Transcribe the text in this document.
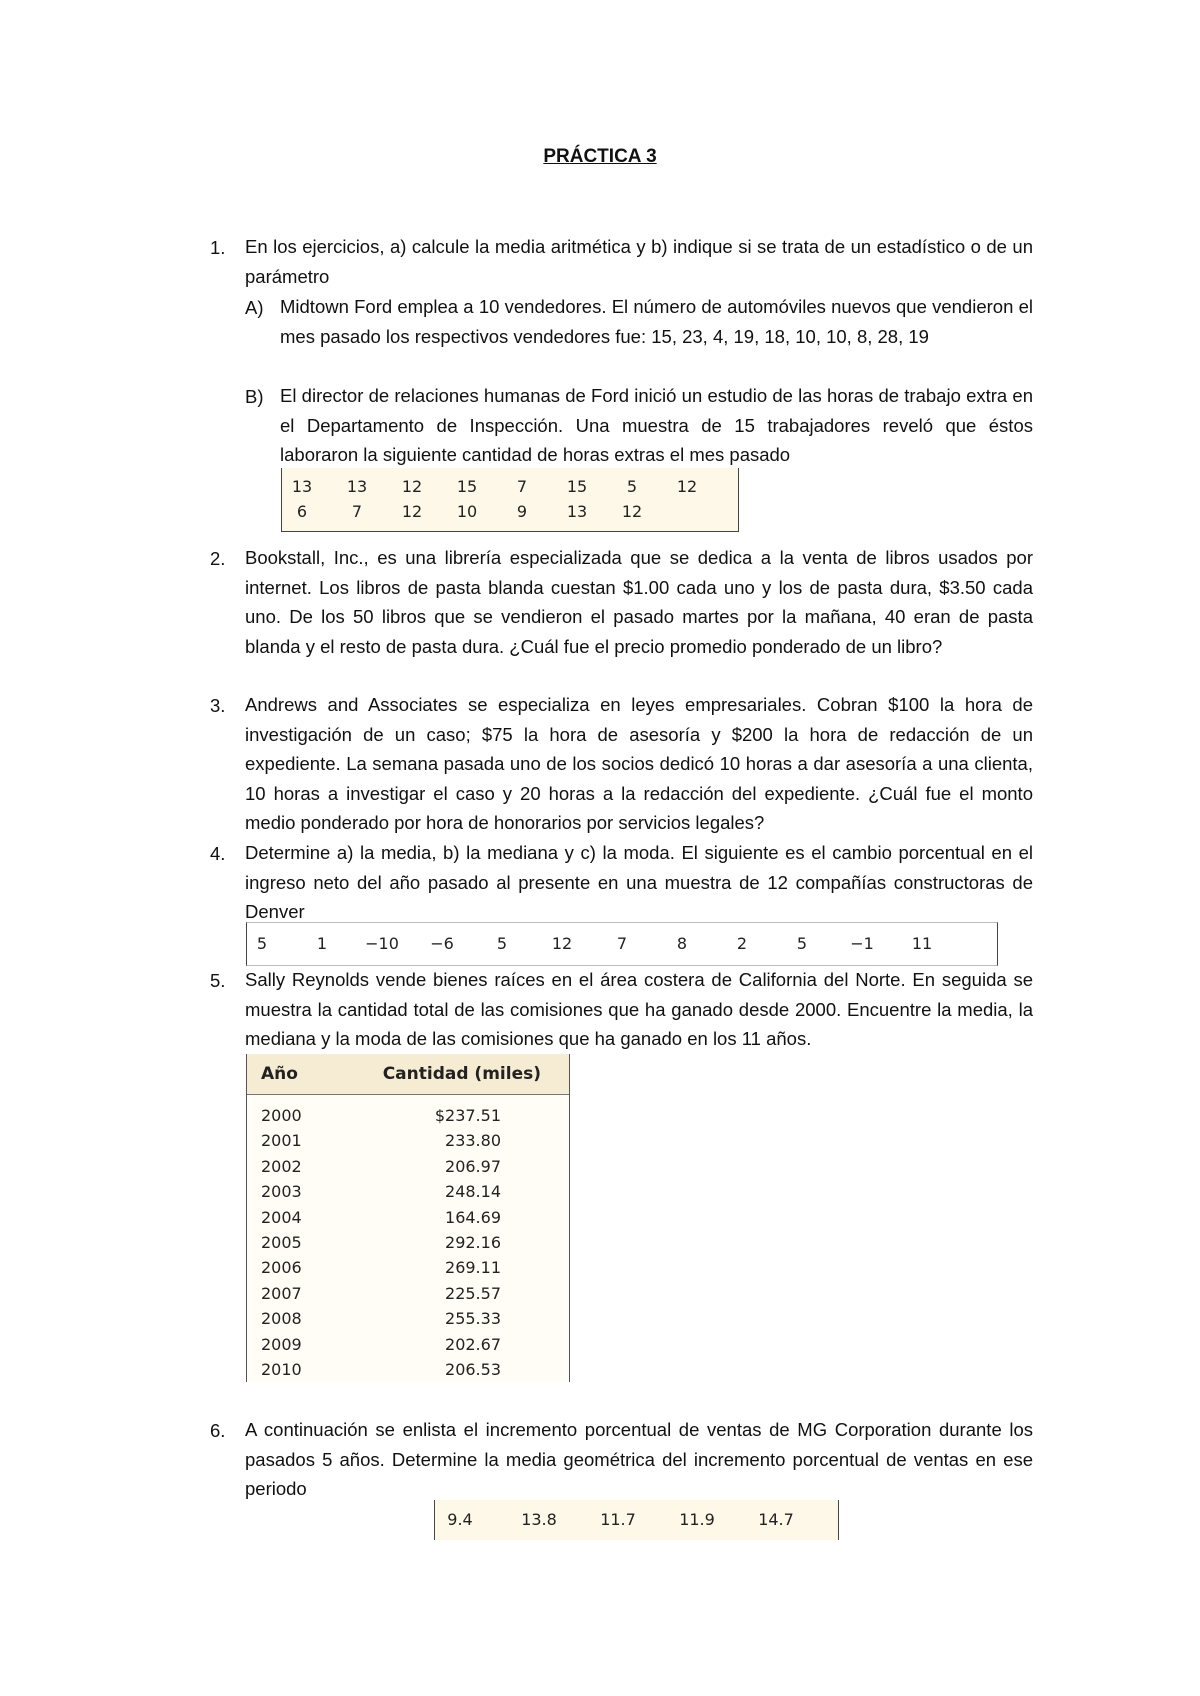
PRÁCTICA 3
1. En los ejercicios, a) calcule la media aritmética y b) indique si se trata de un estadístico o de un parámetro
A) Midtown Ford emplea a 10 vendedores. El número de automóviles nuevos que vendieron el mes pasado los respectivos vendedores fue: 15, 23, 4, 19, 18, 10, 10, 8, 28, 19
B) El director de relaciones humanas de Ford inició un estudio de las horas de trabajo extra en el Departamento de Inspección. Una muestra de 15 trabajadores reveló que éstos laboraron la siguiente cantidad de horas extras el mes pasado
13	13	12	15	7	15	5	12
6	7	12	10	9	13	12
2. Bookstall, Inc., es una librería especializada que se dedica a la venta de libros usados por internet. Los libros de pasta blanda cuestan $1.00 cada uno y los de pasta dura, $3.50 cada uno. De los 50 libros que se vendieron el pasado martes por la mañana, 40 eran de pasta blanda y el resto de pasta dura. ¿Cuál fue el precio promedio ponderado de un libro?
3. Andrews and Associates se especializa en leyes empresariales. Cobran $100 la hora de investigación de un caso; $75 la hora de asesoría y $200 la hora de redacción de un expediente. La semana pasada uno de los socios dedicó 10 horas a dar asesoría a una clienta, 10 horas a investigar el caso y 20 horas a la redacción del expediente. ¿Cuál fue el monto medio ponderado por hora de honorarios por servicios legales?
4. Determine a) la media, b) la mediana y c) la moda. El siguiente es el cambio porcentual en el ingreso neto del año pasado al presente en una muestra de 12 compañías constructoras de Denver
5	1	−10	−6	5	12	7	8	2	5	−1	11
5. Sally Reynolds vende bienes raíces en el área costera de California del Norte. En seguida se muestra la cantidad total de las comisiones que ha ganado desde 2000. Encuentre la media, la mediana y la moda de las comisiones que ha ganado en los 11 años.
Año	Cantidad (miles)
2000	$237.51
2001	233.80
2002	206.97
2003	248.14
2004	164.69
2005	292.16
2006	269.11
2007	225.57
2008	255.33
2009	202.67
2010	206.53
6. A continuación se enlista el incremento porcentual de ventas de MG Corporation durante los pasados 5 años. Determine la media geométrica del incremento porcentual de ventas en ese periodo
9.4	13.8	11.7	11.9	14.7
